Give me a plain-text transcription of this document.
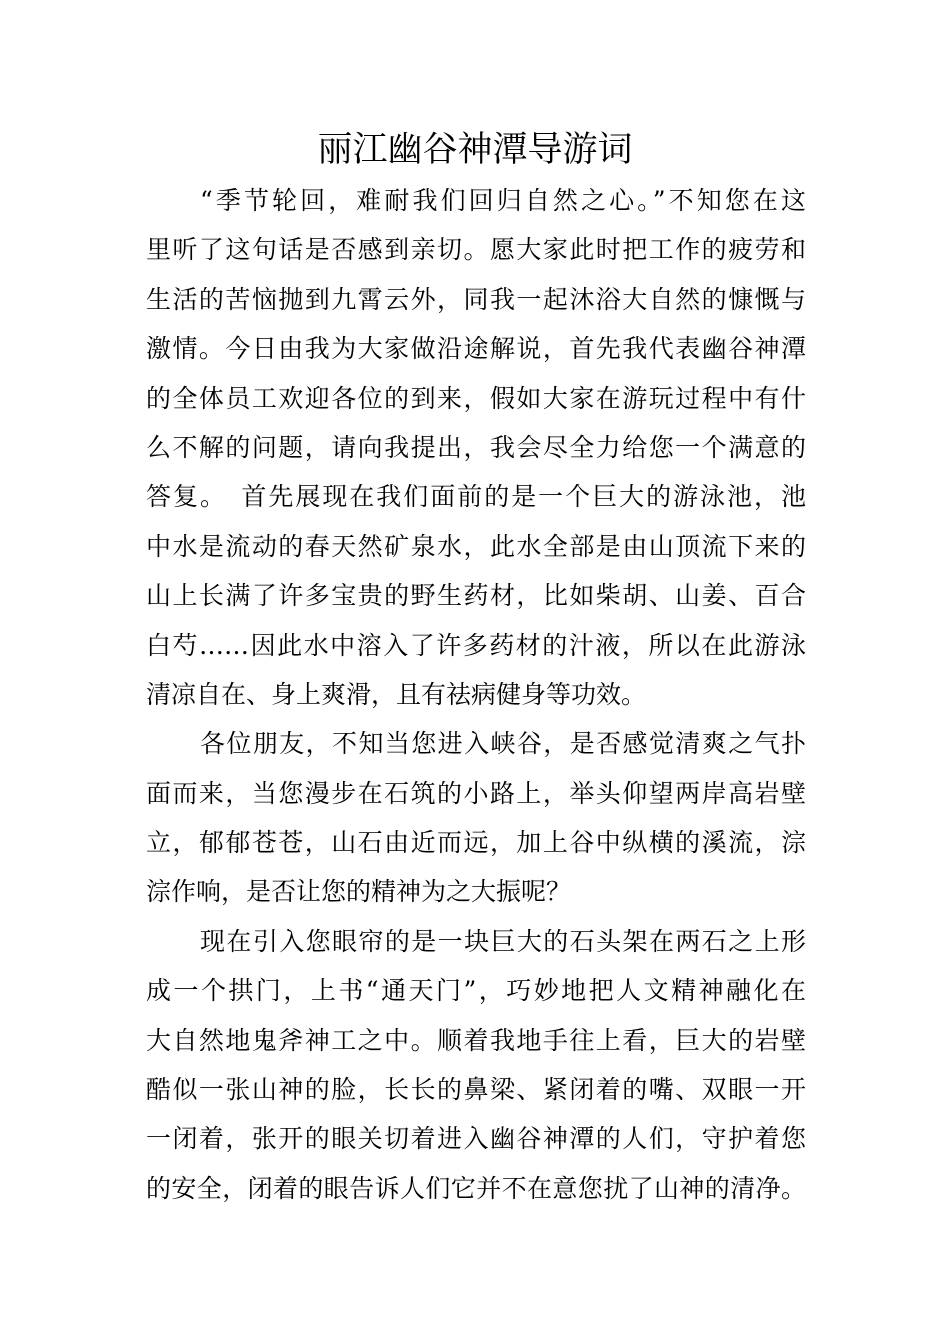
丽江幽谷神潭导游词
“季节轮回，难耐我们回归自然之心。”不知您在这
里听了这句话是否感到亲切。愿大家此时把工作的疲劳和
生活的苦恼抛到九霄云外，同我一起沐浴大自然的慷慨与
激情。今日由我为大家做沿途解说，首先我代表幽谷神潭
的全体员工欢迎各位的到来，假如大家在游玩过程中有什
么不解的问题，请向我提出，我会尽全力给您一个满意的
答复。　首先展现在我们面前的是一个巨大的游泳池，池
中水是流动的春天然矿泉水，此水全部是由山顶流下来的
山上长满了许多宝贵的野生药材，比如柴胡、山姜、百合
白芍……因此水中溶入了许多药材的汁液，所以在此游泳
清凉自在、身上爽滑，且有祛病健身等功效。
各位朋友，不知当您进入峡谷，是否感觉清爽之气扑
面而来，当您漫步在石筑的小路上，举头仰望两岸高岩壁
立，郁郁苍苍，山石由近而远，加上谷中纵横的溪流，淙
淙作响，是否让您的精神为之大振呢？
现在引入您眼帘的是一块巨大的石头架在两石之上形
成一个拱门，上书“通天门”，巧妙地把人文精神融化在
大自然地鬼斧神工之中。顺着我地手往上看，巨大的岩壁
酷似一张山神的脸，长长的鼻梁、紧闭着的嘴、双眼一开
一闭着，张开的眼关切着进入幽谷神潭的人们，守护着您
的安全，闭着的眼告诉人们它并不在意您扰了山神的清净。
